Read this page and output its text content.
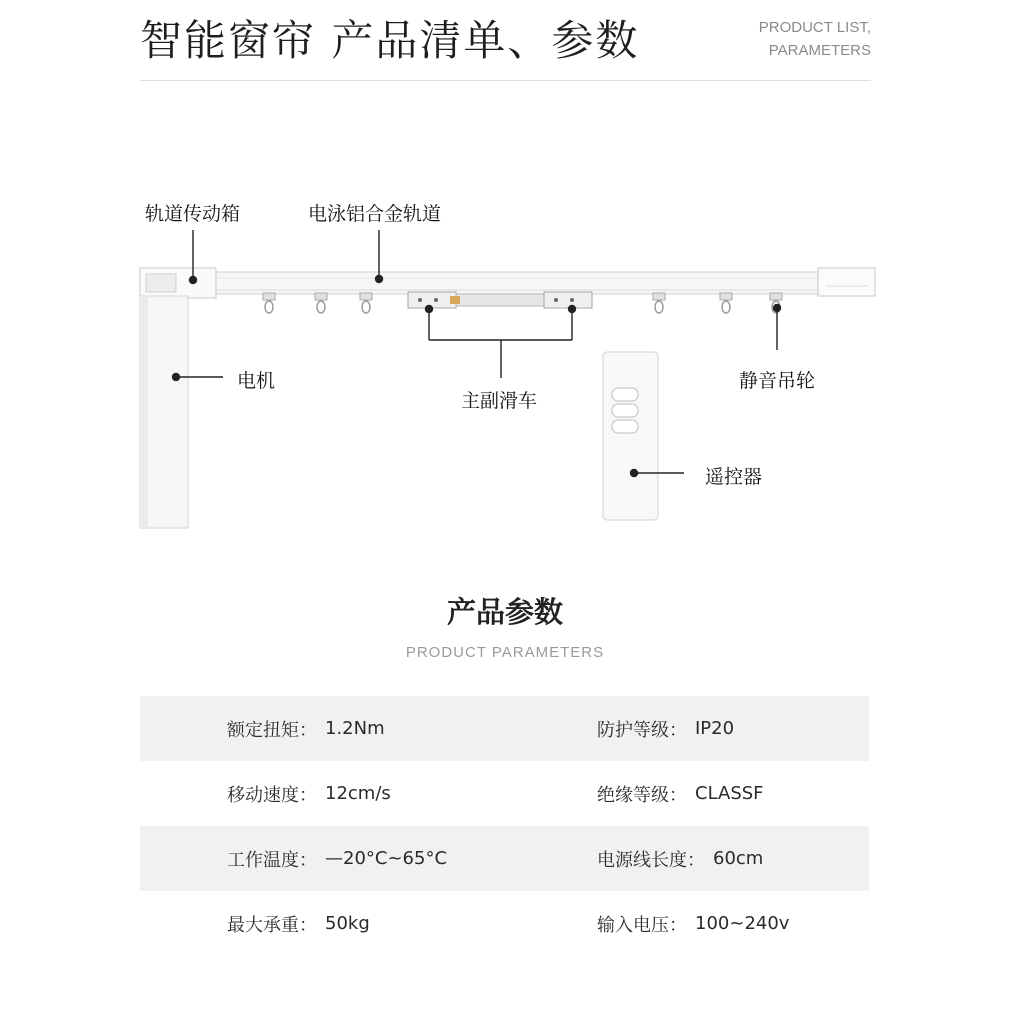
智能窗帘 产品清单、参数	PRODUCT LIST,
PARAMETERS
轨道传动箱	电泳铝合金轨道
电机
主副滑车
静音吊轮
遥控器
产品参数
PRODUCT PARAMETERS
额定扭矩： 1.2Nm	防护等级： IP20
移动速度： 12cm/s	绝缘等级： CLASSF
工作温度： —20°C~65°C	电源线长度： 60cm
最大承重： 50kg	输入电压： 100~240v
